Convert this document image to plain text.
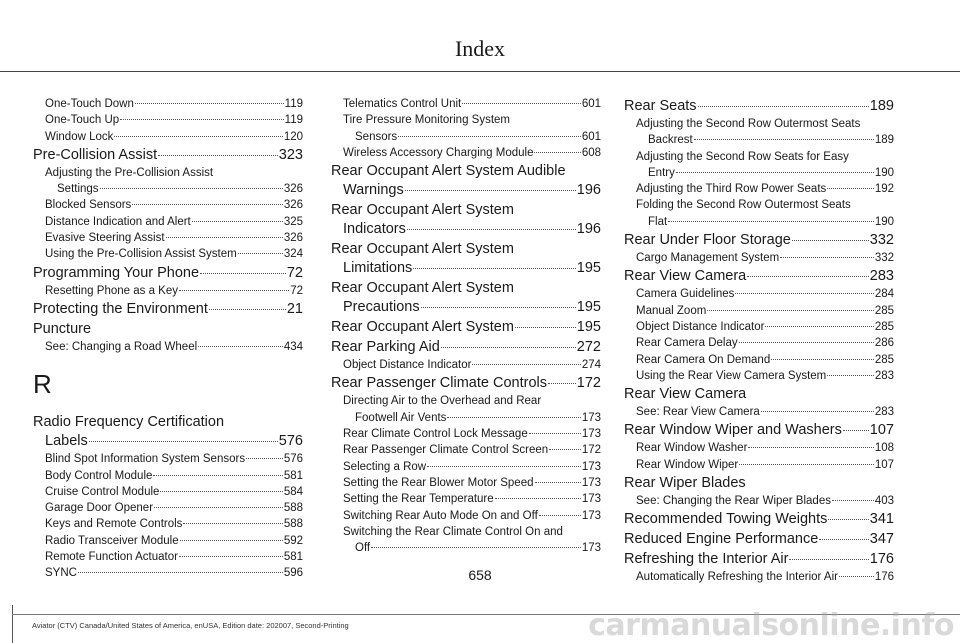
Index
One-Touch Down	119
One-Touch Up	119
Window Lock	120
Pre-Collision Assist	323
Adjusting the Pre-Collision Assist
Settings	326
Blocked Sensors	326
Distance Indication and Alert	325
Evasive Steering Assist	326
Using the Pre-Collision Assist System	324
Programming Your Phone	72
Resetting Phone as a Key	72
Protecting the Environment	21
Puncture
See: Changing a Road Wheel	434
R
Radio Frequency Certification
Labels	576
Blind Spot Information System Sensors	576
Body Control Module	581
Cruise Control Module	584
Garage Door Opener	588
Keys and Remote Controls	588
Radio Transceiver Module	592
Remote Function Actuator	581
SYNC	596
Telematics Control Unit	601
Tire Pressure Monitoring System
Sensors	601
Wireless Accessory Charging Module	608
Rear Occupant Alert System Audible
Warnings	196
Rear Occupant Alert System
Indicators	196
Rear Occupant Alert System
Limitations	195
Rear Occupant Alert System
Precautions	195
Rear Occupant Alert System	195
Rear Parking Aid	272
Object Distance Indicator	274
Rear Passenger Climate Controls 172
Directing Air to the Overhead and Rear
Footwell Air Vents	173
Rear Climate Control Lock Message	173
Rear Passenger Climate Control Screen	172
Selecting a Row	173
Setting the Rear Blower Motor Speed	173
Setting the Rear Temperature	173
Switching Rear Auto Mode On and Off	173
Switching the Rear Climate Control On and
Off	173
Rear Seats	189
Adjusting the Second Row Outermost Seats
Backrest	189
Adjusting the Second Row Seats for Easy
Entry	190
Adjusting the Third Row Power Seats	192
Folding the Second Row Outermost Seats
Flat	190
Rear Under Floor Storage	332
Cargo Management System	332
Rear View Camera	283
Camera Guidelines	284
Manual Zoom	285
Object Distance Indicator	285
Rear Camera Delay	286
Rear Camera On Demand	285
Using the Rear View Camera System	283
Rear View Camera
See: Rear View Camera	283
Rear Window Wiper and Washers 107
Rear Window Washer	108
Rear Window Wiper	107
Rear Wiper Blades
See: Changing the Rear Wiper Blades	403
Recommended Towing Weights	341
Reduced Engine Performance	347
Refreshing the Interior Air	176
Automatically Refreshing the Interior Air	176
658
Aviator (CTV) Canada/United States of America, enUSA, Edition date: 202007, Second-Printing	carmanualsonline.info
